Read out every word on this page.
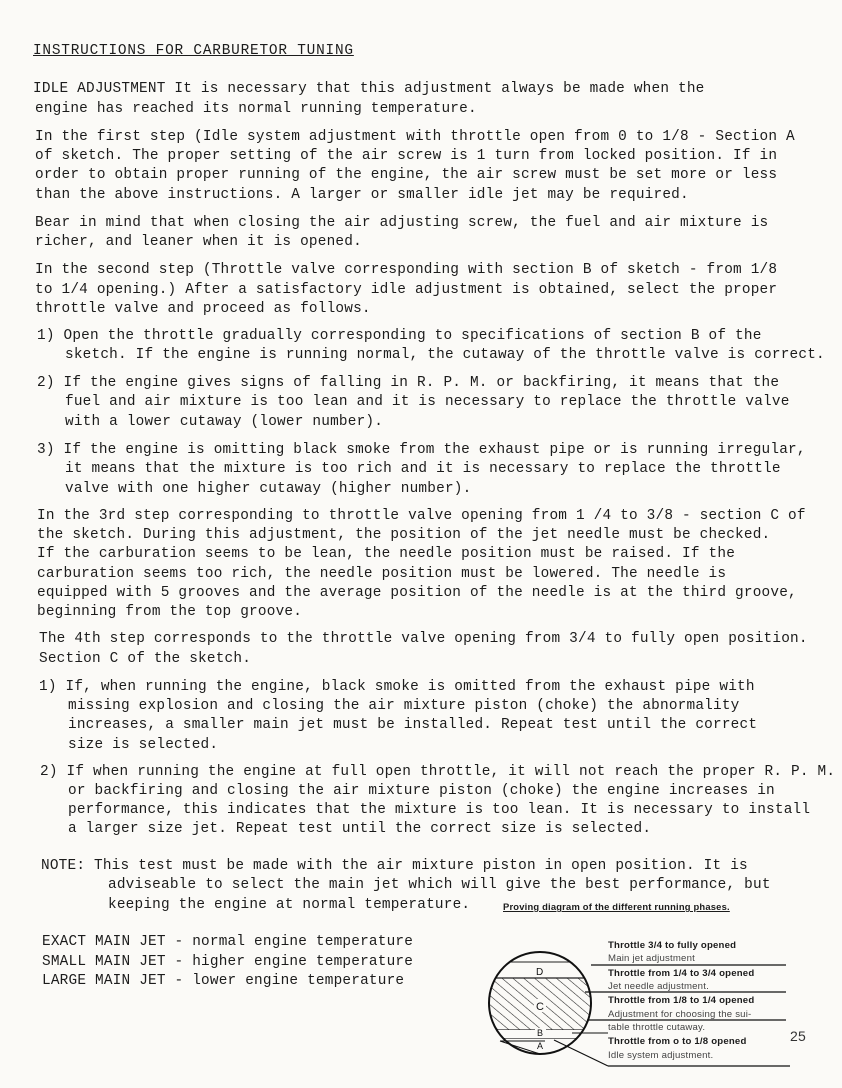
INSTRUCTIONS FOR CARBURETOR TUNING
IDLE ADJUSTMENT It is necessary that this adjustment always be made when the
engine has reached its normal running temperature.
In the first step (Idle system adjustment with throttle open from 0 to 1/8 - Section A
of sketch. The proper setting of the air screw is 1 turn from locked position. If in
order to obtain proper running of the engine, the air screw must be set more or less
than the above instructions. A larger or smaller idle jet may be required.
Bear in mind that when closing the air adjusting screw, the fuel and air mixture is
richer, and leaner when it is opened.
In the second step (Throttle valve corresponding with section B of sketch - from 1/8
to 1/4 opening.) After a satisfactory idle adjustment is obtained, select the proper
throttle valve and proceed as follows.
1) Open the throttle gradually corresponding to specifications of section B of the
sketch. If the engine is running normal, the cutaway of the throttle valve is correct.
2) If the engine gives signs of falling in R. P. M. or backfiring, it means that the
fuel and air mixture is too lean and it is necessary to replace the throttle valve
with a lower cutaway (lower number).
3) If the engine is omitting black smoke from the exhaust pipe or is running irregular,
it means that the mixture is too rich and it is necessary to replace the throttle
valve with one higher cutaway (higher number).
In the 3rd step corresponding to throttle valve opening from 1 /4 to 3/8 - section C of
the sketch. During this adjustment, the position of the jet needle must be checked.
If the carburation seems to be lean, the needle position must be raised. If the
carburation seems too rich, the needle position must be lowered. The needle is
equipped with 5 grooves and the average position of the needle is at the third groove,
beginning from the top groove.
The 4th step corresponds to the throttle valve opening from 3/4 to fully open position.
Section C of the sketch.
1) If, when running the engine, black smoke is omitted from the exhaust pipe with
missing explosion and closing the air mixture piston (choke) the abnormality
increases, a smaller main jet must be installed. Repeat test until the correct
size is selected.
2) If when running the engine at full open throttle, it will not reach the proper R. P. M.
or backfiring and closing the air mixture piston (choke) the engine increases in
performance, this indicates that the mixture is too lean. It is necessary to install
a larger size jet. Repeat test until the correct size is selected.
NOTE: This test must be made with the air mixture piston in open position. It is
adviseable to select the main jet which will give the best performance, but
keeping the engine at normal temperature.	Proving diagram of the different running phases.
EXACT MAIN JET - normal engine temperature
SMALL MAIN JET - higher engine temperature
LARGE MAIN JET - lower engine temperature
D
C
B
A
Throttle 3/4 to fully opened
Main jet adjustment
Throttle from 1/4 to 3/4 opened
Jet needle adjustment.
Throttle from 1/8 to 1/4 opened
Adjustment for choosing the sui-
table throttle cutaway.
Throttle from o to 1/8 opened
Idle system adjustment.
25
